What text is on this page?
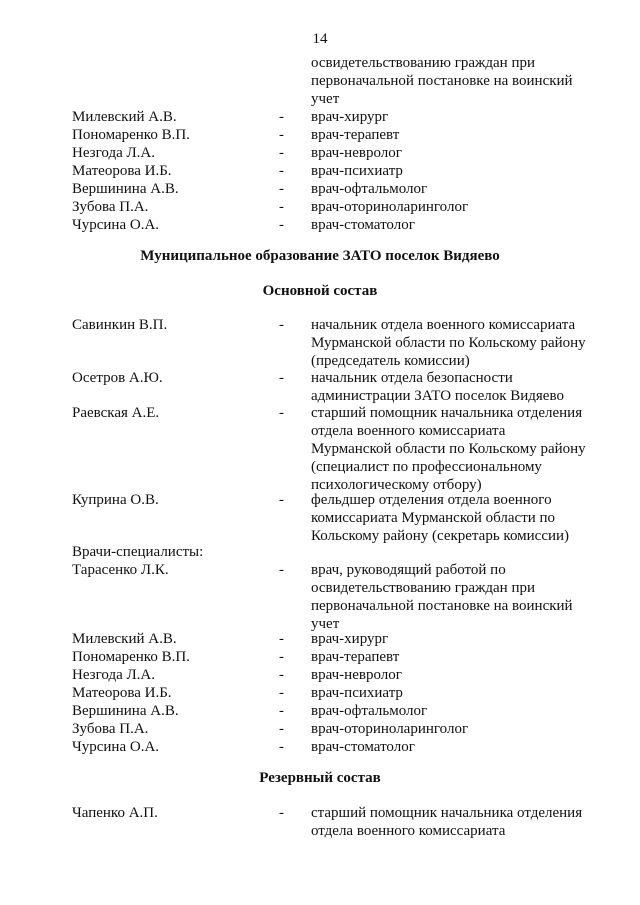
14
освидетельствованию граждан при
первоначальной постановке на воинский
учет
Милевский А.В.	- врач-хирург
Пономаренко В.П.	- врач-терапевт
Незгода Л.А.	- врач-невролог
Матеорова И.Б.	- врач-психиатр
Вершинина А.В.	- врач-офтальмолог
Зубова П.А.	- врач-оториноларинголог
Чурсина О.А.	- врач-стоматолог
Муниципальное образование ЗАТО поселок Видяево
Основной состав
Савинкин В.П.	- начальник отдела военного комиссариата
Мурманской области по Кольскому району
(председатель комиссии)
Осетров А.Ю.	- начальник отдела безопасности
администрации ЗАТО поселок Видяево
Раевская А.Е.	- старший помощник начальника отделения
отдела военного комиссариата
Мурманской области по Кольскому району
(специалист по профессиональному
психологическому отбору)
Куприна О.В.	- фельдшер отделения отдела военного
комиссариата Мурманской области по
Кольскому району (секретарь комиссии)
Врачи-специалисты:
Тарасенко Л.К.	- врач, руководящий работой по
освидетельствованию граждан при
первоначальной постановке на воинский
учет
Милевский А.В.	- врач-хирург
Пономаренко В.П.	- врач-терапевт
Незгода Л.А.	- врач-невролог
Матеорова И.Б.	- врач-психиатр
Вершинина А.В.	- врач-офтальмолог
Зубова П.А.	- врач-оториноларинголог
Чурсина О.А.	- врач-стоматолог
Резервный состав
Чапенко А.П.	- старший помощник начальника отделения
отдела военного комиссариата
